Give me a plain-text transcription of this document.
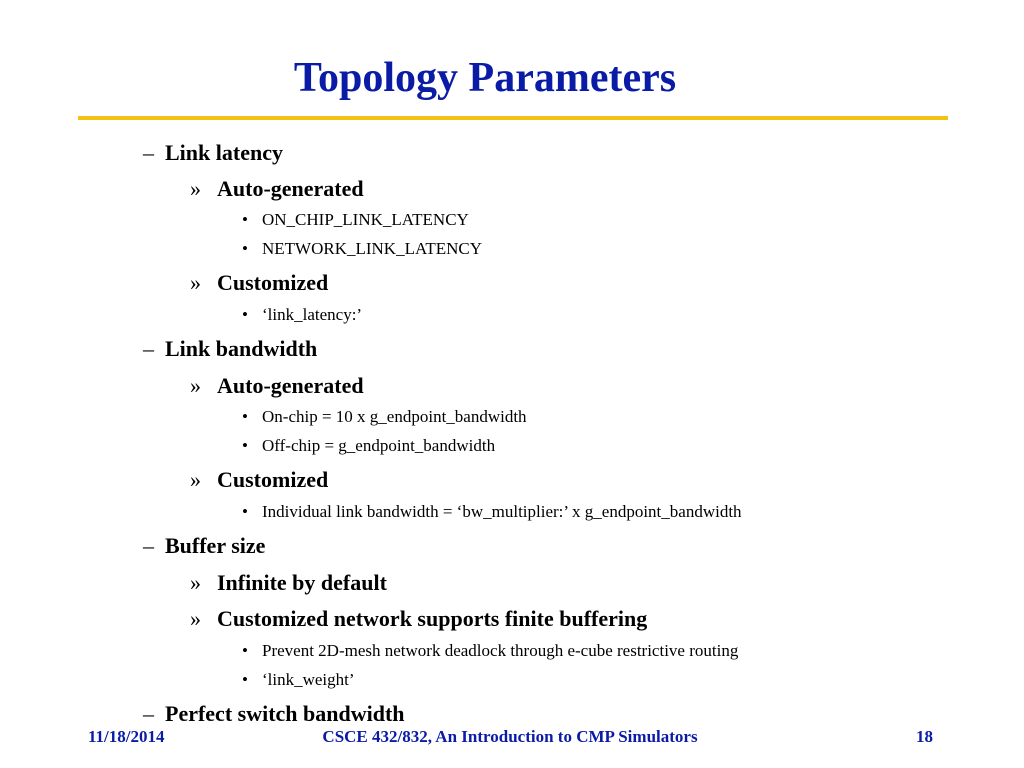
Topology Parameters
– Link latency
» Auto-generated
• ON_CHIP_LINK_LATENCY
• NETWORK_LINK_LATENCY
» Customized
• ‘link_latency:’
– Link bandwidth
» Auto-generated
• On-chip = 10 x g_endpoint_bandwidth
• Off-chip = g_endpoint_bandwidth
» Customized
• Individual link bandwidth = ‘bw_multiplier:’ x g_endpoint_bandwidth
– Buffer size
» Infinite by default
» Customized network supports finite buffering
• Prevent 2D-mesh network deadlock through e-cube restrictive routing
• ‘link_weight’
– Perfect switch bandwidth
11/18/2014	CSCE 432/832, An Introduction to CMP Simulators	18
